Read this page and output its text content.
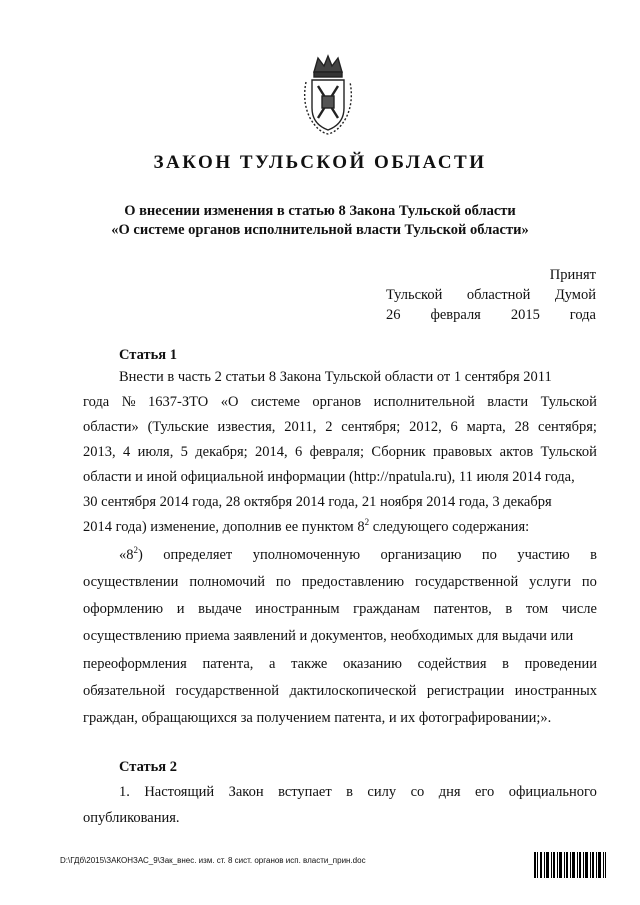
ЗАКОН ТУЛЬСКОЙ ОБЛАСТИ
О внесении изменения в статью 8 Закона Тульской области
«О системе органов исполнительной власти Тульской области»
Принят
Тульской областной Думой
26 февраля 2015 года
Статья 1
Внести в часть 2 статьи 8 Закона Тульской области от 1 сентября 2011
года № 1637-ЗТО «О системе органов исполнительной власти Тульской
области» (Тульские известия, 2011, 2 сентября; 2012, 6 марта, 28 сентября;
2013, 4 июля, 5 декабря; 2014, 6 февраля; Сборник правовых актов Тульской
области и иной официальной информации (http://npatula.ru), 11 июля 2014 года,
30 сентября 2014 года, 28 октября 2014 года, 21 ноября 2014 года, 3 декабря
2014 года) изменение, дополнив ее пунктом $8^2$ следующего содержания:
«$8^2$) определяет уполномоченную организацию по участию в
осуществлении полномочий по предоставлению государственной услуги по
оформлению и выдаче иностранным гражданам патентов, в том числе
осуществлению приема заявлений и документов, необходимых для выдачи или
переоформления патента, а также оказанию содействия в проведении
обязательной государственной дактилоскопической регистрации иностранных
граждан, обращающихся за получением патента, и их фотографировании;».
Статья 2
1. Настоящий Закон вступает в силу со дня его официального
опубликования.
D:\ГДб\2015\ЗАКОНЗАС_9\Зак_внес. изм. ст. 8 сист. органов исп. власти_прин.doc
